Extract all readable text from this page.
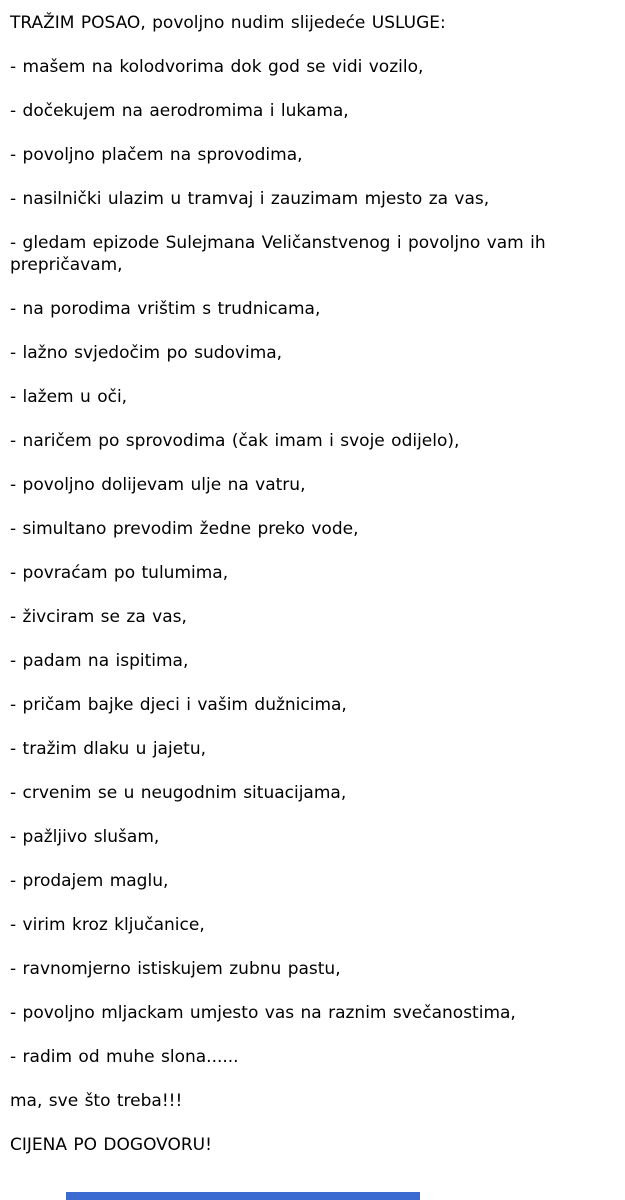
TRAŽIM POSAO, povoljno nudim slijedeće USLUGE:

- mašem na kolodvorima dok god se vidi vozilo,

- dočekujem na aerodromima i lukama,

- povoljno plačem na sprovodima,

- nasilnički ulazim u tramvaj i zauzimam mjesto za vas,

- gledam epizode Sulejmana Veličanstvenog i povoljno vam ih prepričavam,

- na porodima vrištim s trudnicama,

- lažno svjedočim po sudovima,

- lažem u oči,

- naričem po sprovodima (čak imam i svoje odijelo),

- povoljno dolijevam ulje na vatru,

- simultano prevodim žedne preko vode,

- povraćam po tulumima,

- živciram se za vas,

- padam na ispitima,

- pričam bajke djeci i vašim dužnicima,

- tražim dlaku u jajetu,

- crvenim se u neugodnim situacijama,

- pažljivo slušam,

- prodajem maglu,

- virim kroz ključanice,

- ravnomjerno istiskujem zubnu pastu,

- povoljno mljackam umjesto vas na raznim svečanostima,

- radim od muhe slona......

ma, sve što treba!!!

CIJENA PO DOGOVORU!
